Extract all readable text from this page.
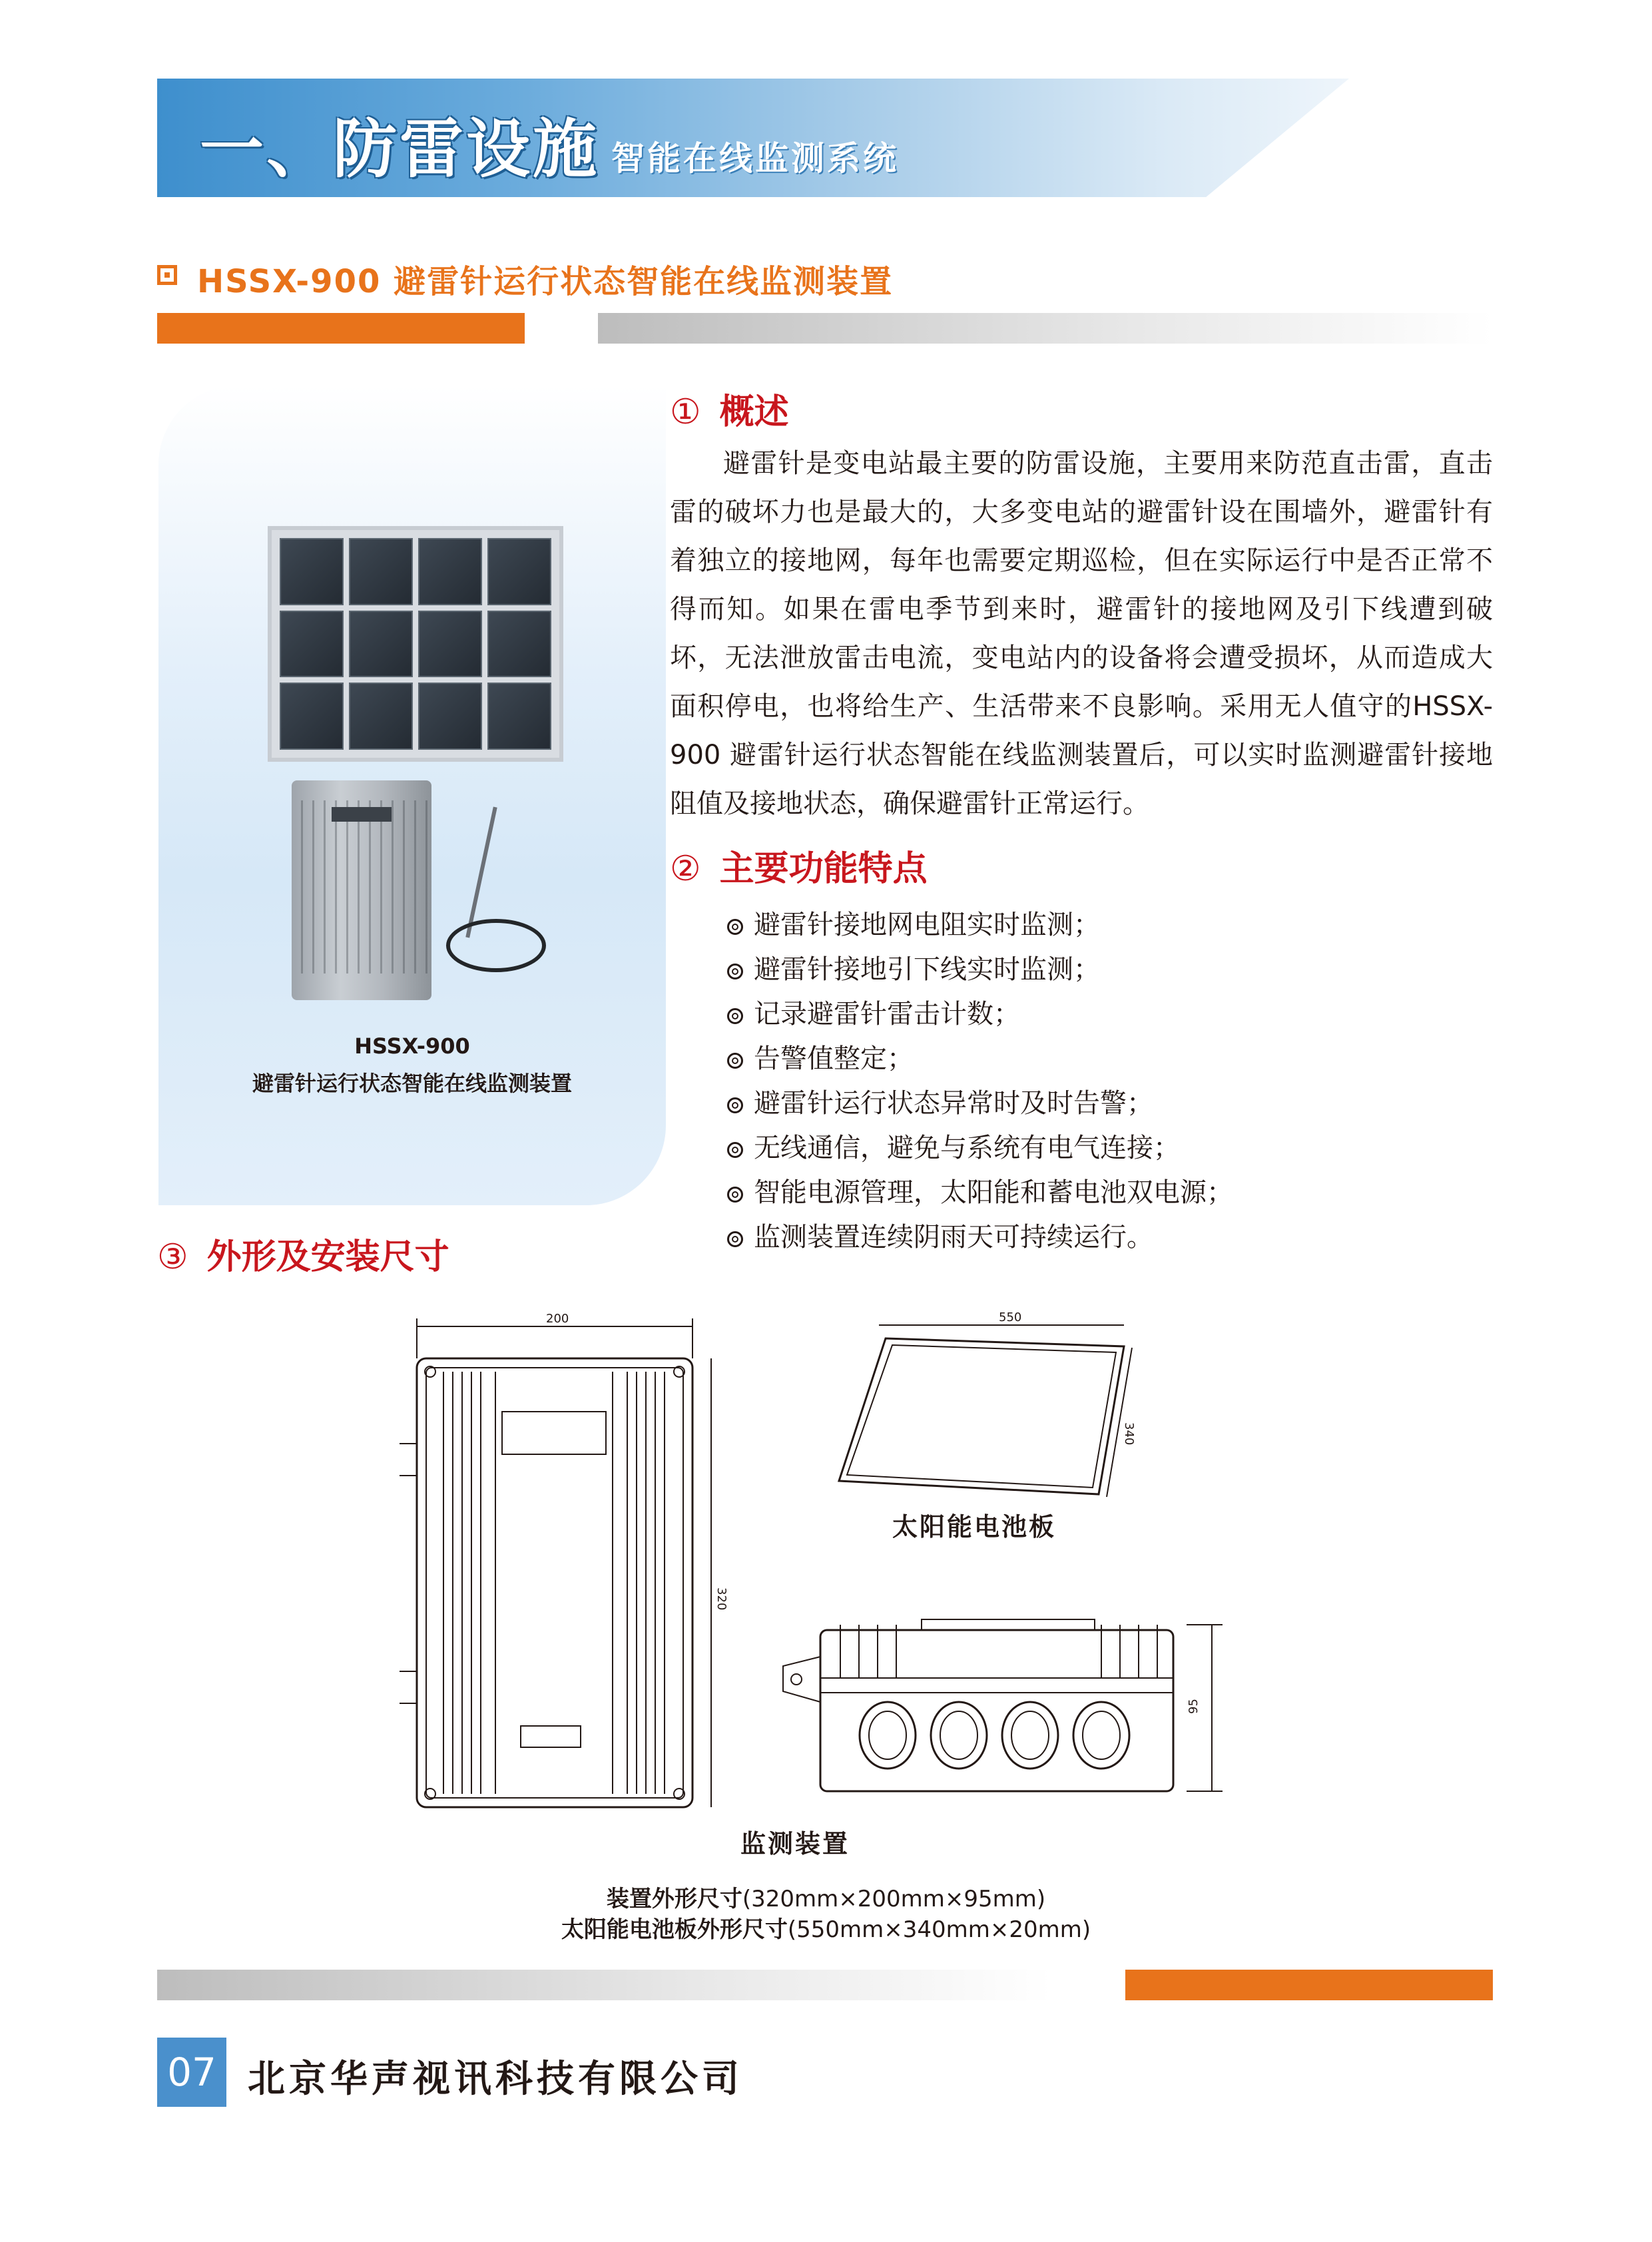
一、防雷设施 智能在线监测系统
HSSX-900 避雷针运行状态智能在线监测装置
HSSX-900
避雷针运行状态智能在线监测装置
① 概述
避雷针是变电站最主要的防雷设施，主要用来防范直击雷，直击雷的破坏力也是最大的，大多变电站的避雷针设在围墙外，避雷针有着独立的接地网，每年也需要定期巡检，但在实际运行中是否正常不得而知。如果在雷电季节到来时，避雷针的接地网及引下线遭到破坏，无法泄放雷击电流，变电站内的设备将会遭受损坏，从而造成大面积停电，也将给生产、生活带来不良影响。采用无人值守的HSSX-900 避雷针运行状态智能在线监测装置后，可以实时监测避雷针接地阻值及接地状态，确保避雷针正常运行。
② 主要功能特点
避雷针接地网电阻实时监测；
避雷针接地引下线实时监测；
记录避雷针雷击计数；
告警值整定；
避雷针运行状态异常时及时告警；
无线通信，避免与系统有电气连接；
智能电源管理，太阳能和蓄电池双电源；
监测装置连续阴雨天可持续运行。
③ 外形及安装尺寸
200
320
550
340
95
太阳能电池板
监测装置
装置外形尺寸(320mm×200mm×95mm)
太阳能电池板外形尺寸(550mm×340mm×20mm)
07 北京华声视讯科技有限公司
